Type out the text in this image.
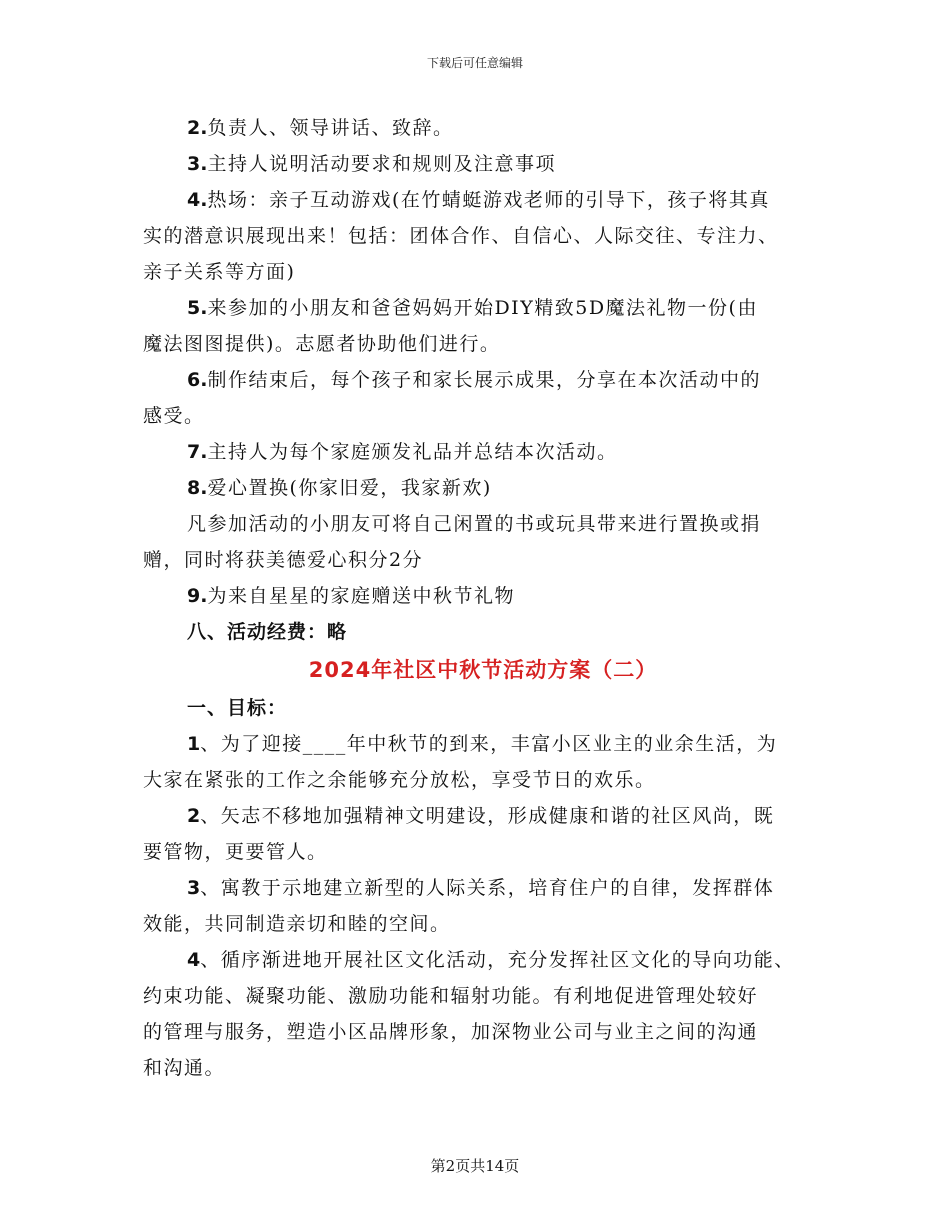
下载后可任意编辑
2.负责人、领导讲话、致辞。
3.主持人说明活动要求和规则及注意事项
4.热场：亲子互动游戏(在竹蜻蜓游戏老师的引导下，孩子将其真
实的潜意识展现出来！包括：团体合作、自信心、人际交往、专注力、
亲子关系等方面)
5.来参加的小朋友和爸爸妈妈开始DIY精致5D魔法礼物一份(由
魔法图图提供)。志愿者协助他们进行。
6.制作结束后，每个孩子和家长展示成果，分享在本次活动中的
感受。
7.主持人为每个家庭颁发礼品并总结本次活动。
8.爱心置换(你家旧爱，我家新欢)
凡参加活动的小朋友可将自己闲置的书或玩具带来进行置换或捐
赠，同时将获美德爱心积分2分
9.为来自星星的家庭赠送中秋节礼物
八、活动经费：略
2024年社区中秋节活动方案（二）
一、目标：
1、为了迎接____年中秋节的到来，丰富小区业主的业余生活，为
大家在紧张的工作之余能够充分放松，享受节日的欢乐。
2、矢志不移地加强精神文明建设，形成健康和谐的社区风尚，既
要管物，更要管人。
3、寓教于示地建立新型的人际关系，培育住户的自律，发挥群体
效能，共同制造亲切和睦的空间。
4、循序渐进地开展社区文化活动，充分发挥社区文化的导向功能、
约束功能、凝聚功能、激励功能和辐射功能。有利地促进管理处较好
的管理与服务，塑造小区品牌形象，加深物业公司与业主之间的沟通
和沟通。
第2页共14页
